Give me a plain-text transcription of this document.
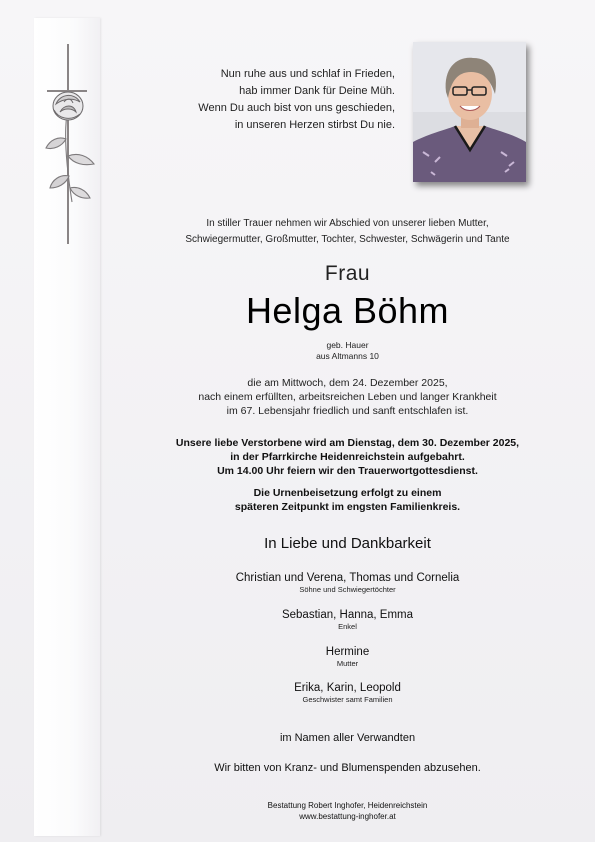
Nun ruhe aus und schlaf in Frieden,
hab immer Dank für Deine Müh.
Wenn Du auch bist von uns geschieden,
in unseren Herzen stirbst Du nie.
In stiller Trauer nehmen wir Abschied von unserer lieben Mutter,
Schwiegermutter, Großmutter, Tochter, Schwester, Schwägerin und Tante
Frau
Helga Böhm
geb. Hauer
aus Altmanns 10
die am Mittwoch, dem 24. Dezember 2025,
nach einem erfüllten, arbeitsreichen Leben und langer Krankheit
im 67. Lebensjahr friedlich und sanft entschlafen ist.
Unsere liebe Verstorbene wird am Dienstag, dem 30. Dezember 2025,
in der Pfarrkirche Heidenreichstein aufgebahrt.
Um 14.00 Uhr feiern wir den Trauerwortgottesdienst.
Die Urnenbeisetzung erfolgt zu einem
späteren Zeitpunkt im engsten Familienkreis.
In Liebe und Dankbarkeit
Christian und Verena, Thomas und Cornelia
Söhne und Schwiegertöchter
Sebastian, Hanna, Emma
Enkel
Hermine
Mutter
Erika, Karin, Leopold
Geschwister samt Familien
im Namen aller Verwandten
Wir bitten von Kranz- und Blumenspenden abzusehen.
Bestattung Robert Inghofer, Heidenreichstein
www.bestattung-inghofer.at
